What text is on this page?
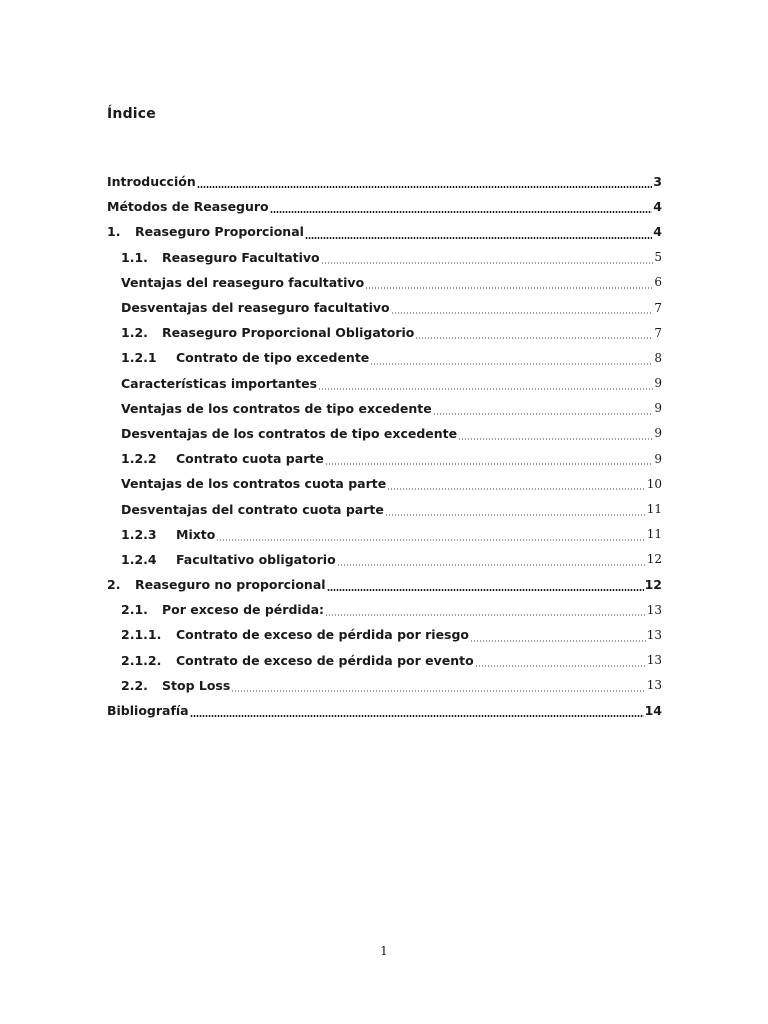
Índice
Introducción	3
Métodos de Reaseguro	4
1.	Reaseguro Proporcional	4
1.1.	Reaseguro Facultativo	5
Ventajas del reaseguro facultativo	6
Desventajas del reaseguro facultativo	7
1.2.	Reaseguro Proporcional Obligatorio	7
1.2.1	Contrato de tipo excedente	8
Características importantes	9
Ventajas de los contratos de tipo excedente	9
Desventajas de los contratos de tipo excedente	9
1.2.2	Contrato cuota parte	9
Ventajas de los contratos cuota parte	10
Desventajas del contrato cuota parte	11
1.2.3	Mixto	11
1.2.4	Facultativo obligatorio	12
2.	Reaseguro no proporcional	12
2.1.	Por exceso de pérdida:	13
2.1.1.	Contrato de exceso de pérdida por riesgo	13
2.1.2.	Contrato de exceso de pérdida por evento	13
2.2.	Stop Loss	13
Bibliografía	14
1
